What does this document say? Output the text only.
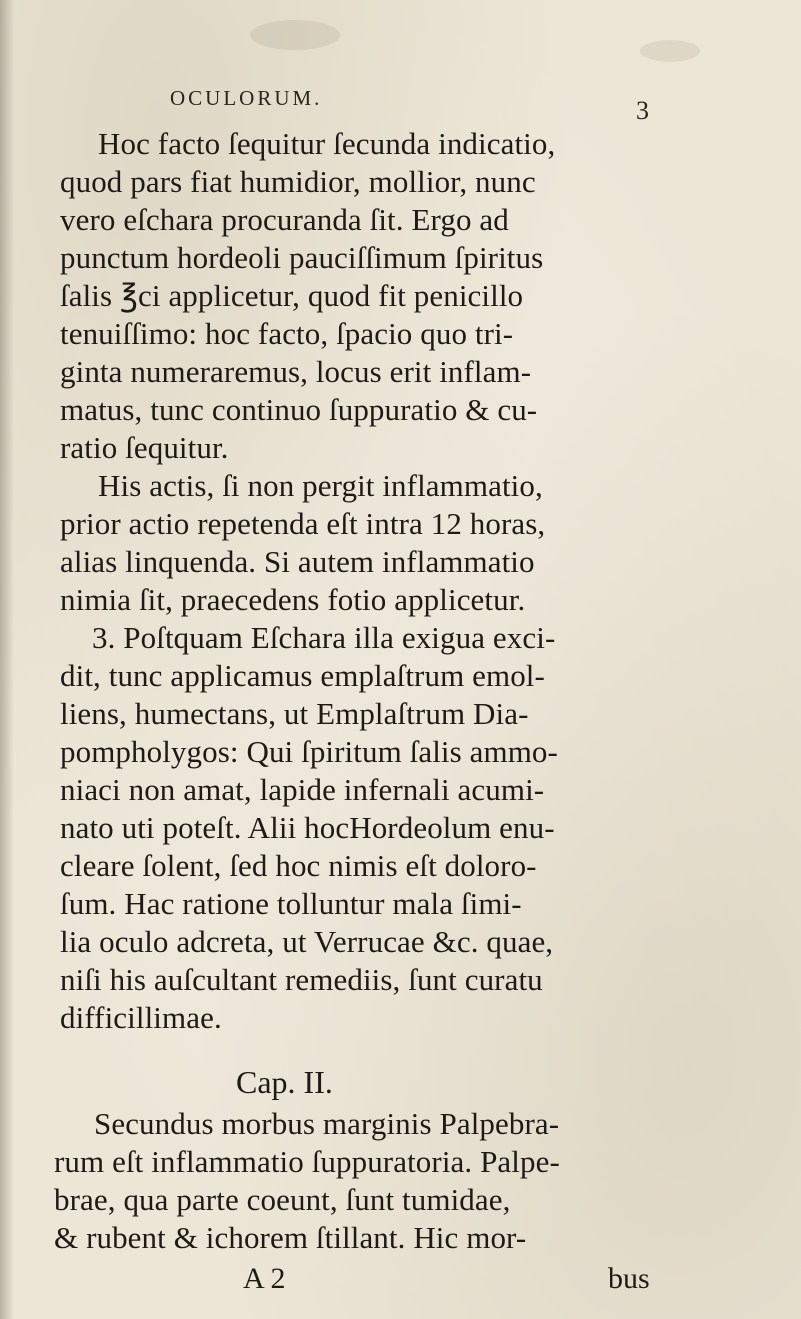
OCULORUM.	3
Hoc facto ſequitur ſecunda indicatio,
quod pars fiat humidior, mollior, nunc
vero eſchara procuranda ſit. Ergo ad
punctum hordeoli pauciſſimum ſpiritus
ſalis ℥ci applicetur, quod fit penicillo
tenuiſſimo: hoc facto, ſpacio quo tri-
ginta numeraremus, locus erit inflam-
matus, tunc continuo ſuppuratio & cu-
ratio ſequitur.
His actis, ſi non pergit inflammatio,
prior actio repetenda eſt intra 12 horas,
alias linquenda. Si autem inflammatio
nimia ſit, praecedens fotio applicetur.
3. Poſtquam Eſchara illa exigua exci-
dit, tunc applicamus emplaſtrum emol-
liens, humectans, ut Emplaſtrum Dia-
pompholygos: Qui ſpiritum ſalis ammo-
niaci non amat, lapide infernali acumi-
nato uti poteſt. Alii hocHordeolum enu-
cleare ſolent, ſed hoc nimis eſt doloro-
ſum. Hac ratione tolluntur mala ſimi-
lia oculo adcreta, ut Verrucae &c. quae,
niſi his auſcultant remediis, ſunt curatu
difficillimae.
Cap. II.
Secundus morbus marginis Palpebra-
rum eſt inflammatio ſuppuratoria. Palpe-
brae, qua parte coeunt, ſunt tumidae,
& rubent & ichorem ſtillant. Hic mor-
A 2	bus
